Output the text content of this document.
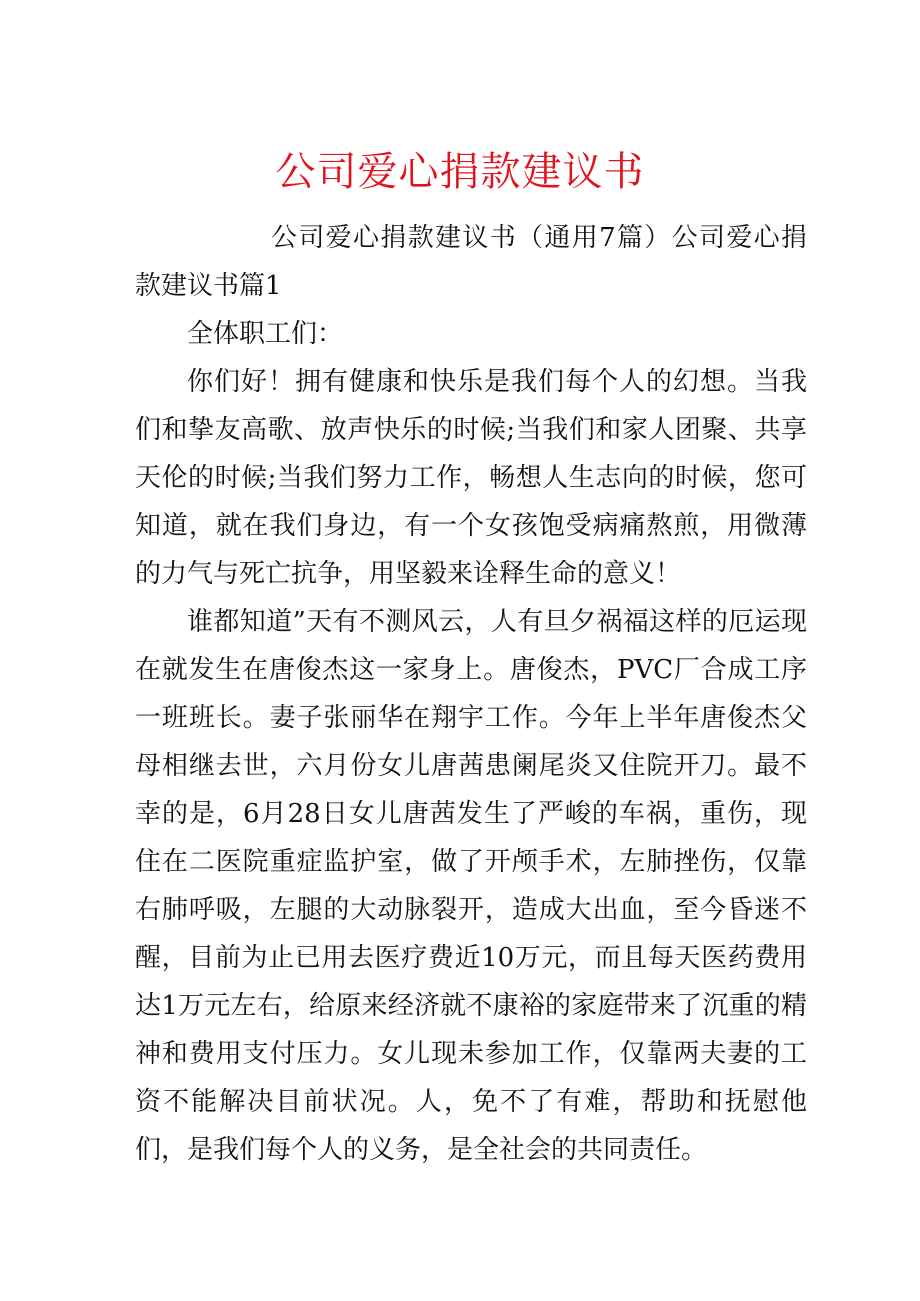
公司爱心捐款建议书

公司爱心捐款建议书（通用7篇）公司爱心捐款建议书篇1

全体职工们：

你们好！拥有健康和快乐是我们每个人的幻想。当我们和挚友高歌、放声快乐的时候;当我们和家人团聚、共享天伦的时候;当我们努力工作，畅想人生志向的时候，您可知道，就在我们身边，有一个女孩饱受病痛熬煎，用微薄的力气与死亡抗争，用坚毅来诠释生命的意义！

谁都知道”天有不测风云，人有旦夕祸福这样的厄运现在就发生在唐俊杰这一家身上。唐俊杰，PVC厂合成工序一班班长。妻子张丽华在翔宇工作。今年上半年唐俊杰父母相继去世，六月份女儿唐茜患阑尾炎又住院开刀。最不幸的是，6月28日女儿唐茜发生了严峻的车祸，重伤，现住在二医院重症监护室，做了开颅手术，左肺挫伤，仅靠右肺呼吸，左腿的大动脉裂开，造成大出血，至今昏迷不醒，目前为止已用去医疗费近10万元，而且每天医药费用达1万元左右，给原来经济就不康裕的家庭带来了沉重的精神和费用支付压力。女儿现未参加工作，仅靠两夫妻的工资不能解决目前状况。人，免不了有难，帮助和抚慰他们，是我们每个人的义务，是全社会的共同责任。
